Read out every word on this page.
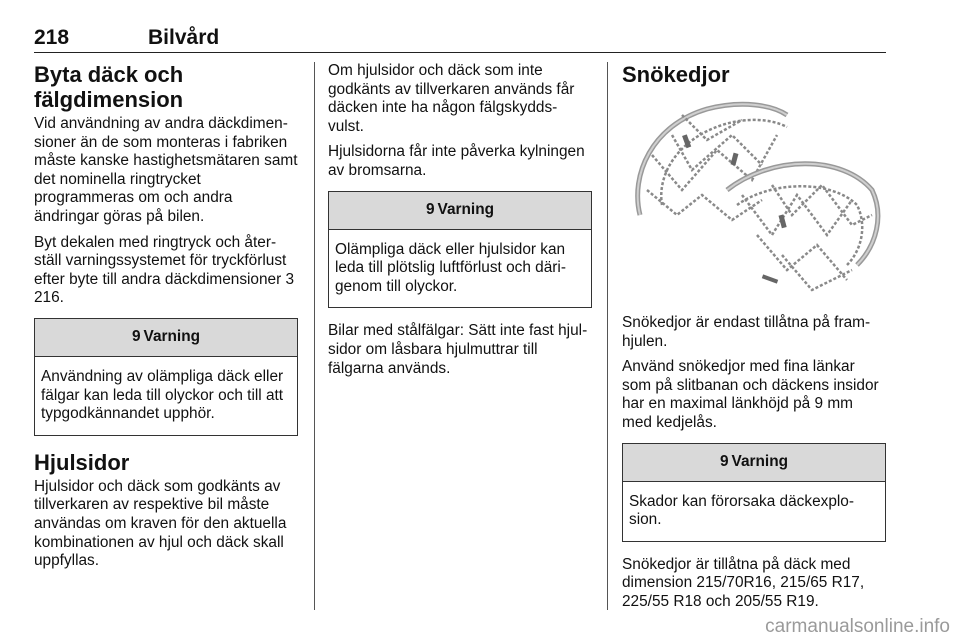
218	Bilvård
Byta däck och fälgdimension

Vid användning av andra däckdimen-sioner än de som monteras i fabriken måste kanske hastighetsmätaren samt det nominella ringtrycket programmeras om och andra ändringar göras på bilen.

Byt dekalen med ringtryck och åter-ställ varningssystemet för tryckförlust efter byte till andra däckdimensioner 3 216.

9 Varning
Användning av olämpliga däck eller fälgar kan leda till olyckor och till att typgodkännandet upphör.
Hjulsidor

Hjulsidor och däck som godkänts av tillverkaren av respektive bil måste användas om kraven för den aktuella kombinationen av hjul och däck skall uppfyllas.

Om hjulsidor och däck som inte godkänts av tillverkaren används får däcken inte ha någon fälgskydds-vulst.

Hjulsidorna får inte påverka kylningen av bromsarna.

9 Varning
Olämpliga däck eller hjulsidor kan leda till plötslig luftförlust och däri-genom till olyckor.

Bilar med stålfälgar: Sätt inte fast hjul-sidor om låsbara hjulmuttrar till fälgarna används.

Snökedjor

Snökedjor är endast tillåtna på fram-hjulen.

Använd snökedjor med fina länkar som på slitbanan och däckens insidor har en maximal länkhöjd på 9 mm med kedjelås.

9 Varning
Skador kan förorsaka däckexplo-sion.

Snökedjor är tillåtna på däck med dimension 215/70R16, 215/65 R17, 225/55 R18 och 205/55 R19.

carmanualsonline.info
